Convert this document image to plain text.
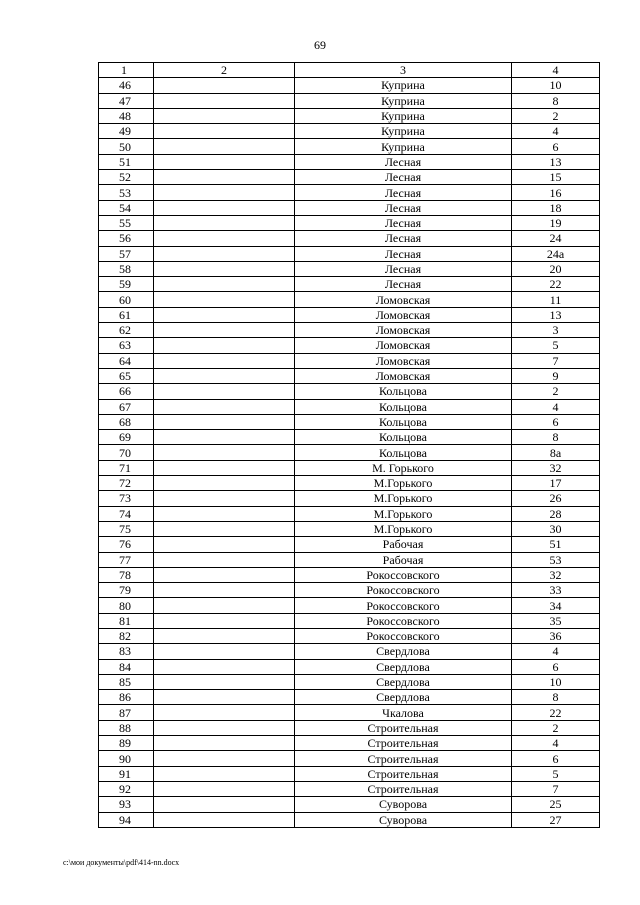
69
1	2	3	4
46		Куприна	10
47		Куприна	8
48		Куприна	2
49		Куприна	4
50		Куприна	6
51		Лесная	13
52		Лесная	15
53		Лесная	16
54		Лесная	18
55		Лесная	19
56		Лесная	24
57		Лесная	24а
58		Лесная	20
59		Лесная	22
60		Ломовская	11
61		Ломовская	13
62		Ломовская	3
63		Ломовская	5
64		Ломовская	7
65		Ломовская	9
66		Кольцова	2
67		Кольцова	4
68		Кольцова	6
69		Кольцова	8
70		Кольцова	8а
71		М. Горького	32
72		М.Горького	17
73		М.Горького	26
74		М.Горького	28
75		М.Горького	30
76		Рабочая	51
77		Рабочая	53
78		Рокоссовского	32
79		Рокоссовского	33
80		Рокоссовского	34
81		Рокоссовского	35
82		Рокоссовского	36
83		Свердлова	4
84		Свердлова	6
85		Свердлова	10
86		Свердлова	8
87		Чкалова	22
88		Строительная	2
89		Строительная	4
90		Строительная	6
91		Строительная	5
92		Строительная	7
93		Суворова	25
94		Суворова	27
c:\мои документы\pdf\414-nn.docx
